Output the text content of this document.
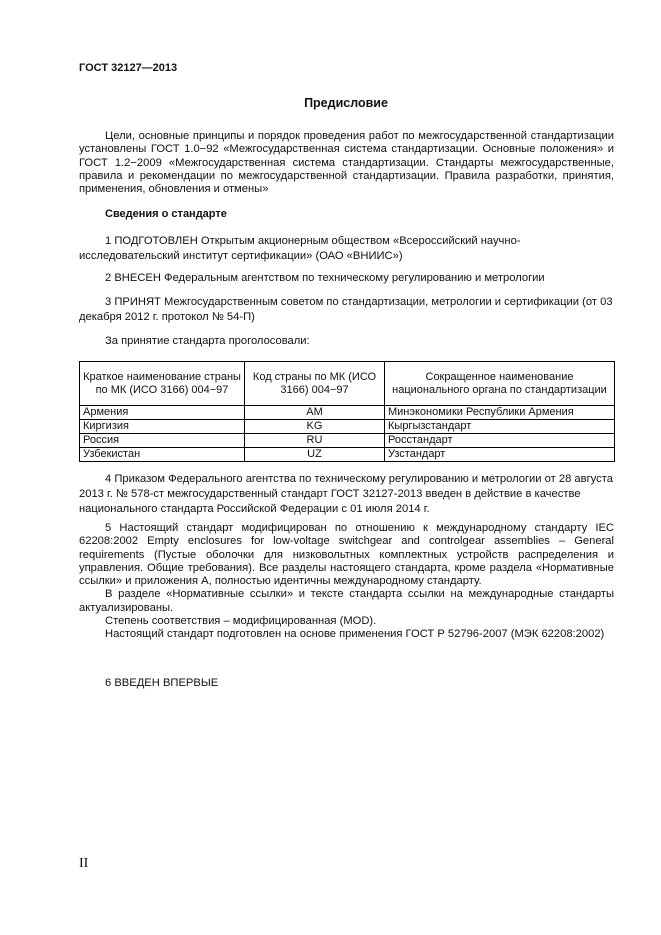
ГОСТ 32127—2013
Предисловие

Цели, основные принципы и порядок проведения работ по межгосударственной стандартизации установлены ГОСТ 1.0−92 «Межгосударственная система стандартизации. Основные положения» и ГОСТ 1.2−2009 «Межгосударственная система стандартизации. Стандарты межгосударственные, правила и рекомендации по межгосударственной стандартизации. Правила разработки, принятия, применения, обновления и отмены»

Сведения о стандарте

1 ПОДГОТОВЛЕН Открытым акционерным обществом «Всероссийский научно-исследовательский институт сертификации» (ОАО «ВНИИС»)

2 ВНЕСЕН Федеральным агентством по техническому регулированию и метрологии

3 ПРИНЯТ Межгосударственным советом по стандартизации, метрологии и сертификации (от 03 декабря 2012 г. протокол № 54-П)

За принятие стандарта проголосовали:

Краткое наименование страны по МК (ИСО 3166) 004−97	Код страны по МК (ИСО 3166) 004−97	Сокращенное наименование национального органа по стандартизации
Армения	AM	Минэкономики Республики Армения
Киргизия	KG	Кыргызстандарт
Россия	RU	Росстандарт
Узбекистан	UZ	Узстандарт

4 Приказом Федерального агентства по техническому регулированию и метрологии от 28 августа 2013 г. № 578-ст межгосударственный стандарт ГОСТ 32127-2013 введен в действие в качестве национального стандарта Российской Федерации с 01 июля 2014 г.

5 Настоящий стандарт модифицирован по отношению к международному стандарту IEC 62208:2002 Empty enclosures for low-voltage switchgear and controlgear assemblies – General requirements (Пустые оболочки для низковольтных комплектных устройств распределения и управления. Общие требования). Все разделы настоящего стандарта, кроме раздела «Нормативные ссылки» и приложения А, полностью идентичны международному стандарту.

В разделе «Нормативные ссылки» и тексте стандарта ссылки на международные стандарты актуализированы.

Степень соответствия – модифицированная (MOD).

Настоящий стандарт подготовлен на основе применения ГОСТ Р 52796-2007 (МЭК 62208:2002)

6 ВВЕДЕН ВПЕРВЫЕ

II
